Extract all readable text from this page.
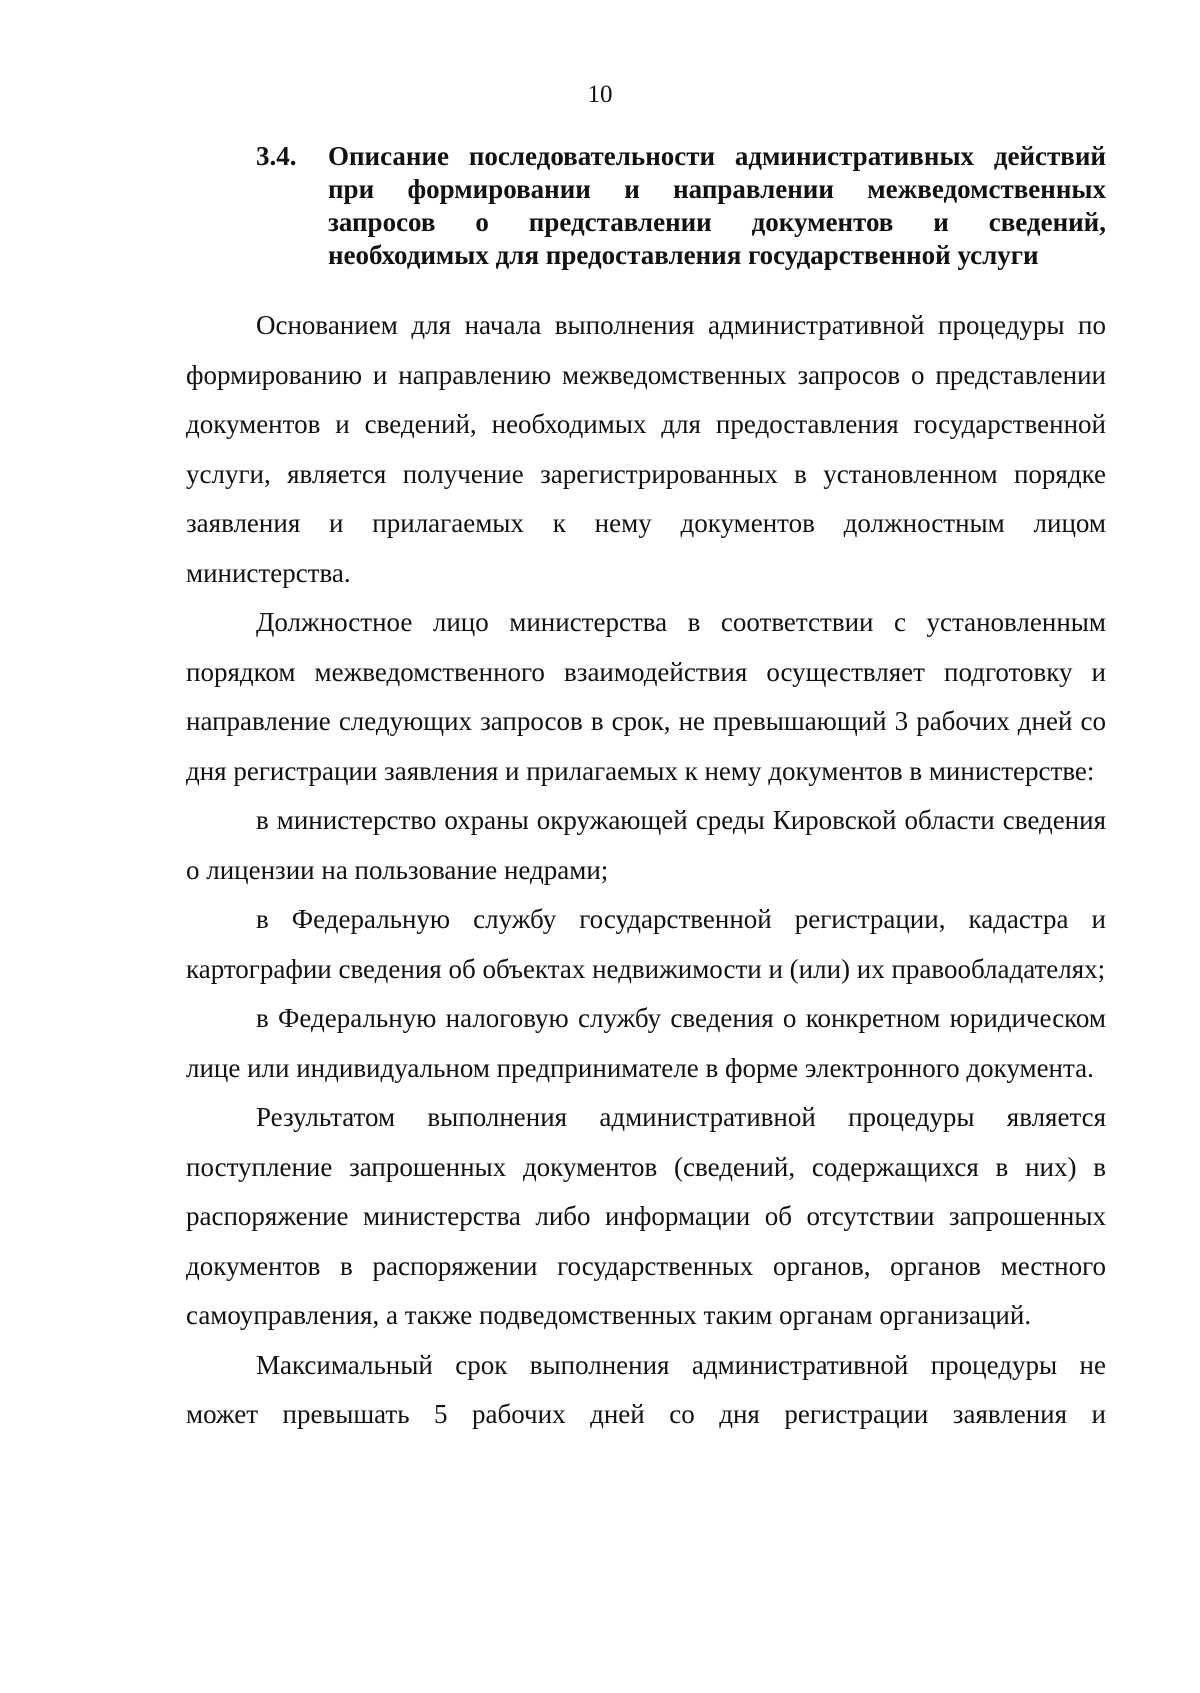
10
3.4. Описание последовательности административных действий при формировании и направлении межведомственных запросов о представлении документов и сведений, необходимых для предоставления государственной услуги

Основанием для начала выполнения административной процедуры по формированию и направлению межведомственных запросов о представлении документов и сведений, необходимых для предоставления государственной услуги, является получение зарегистрированных в установленном порядке заявления и прилагаемых к нему документов должностным лицом министерства.

Должностное лицо министерства в соответствии с установленным порядком межведомственного взаимодействия осуществляет подготовку и направление следующих запросов в срок, не превышающий 3 рабочих дней со дня регистрации заявления и прилагаемых к нему документов в министерстве:

в министерство охраны окружающей среды Кировской области сведения о лицензии на пользование недрами;

в Федеральную службу государственной регистрации, кадастра и картографии сведения об объектах недвижимости и (или) их правообладателях;

в Федеральную налоговую службу сведения о конкретном юридическом лице или индивидуальном предпринимателе в форме электронного документа.

Результатом выполнения административной процедуры является поступление запрошенных документов (сведений, содержащихся в них) в распоряжение министерства либо информации об отсутствии запрошенных документов в распоряжении государственных органов, органов местного самоуправления, а также подведомственных таким органам организаций.

Максимальный срок выполнения административной процедуры не может превышать 5 рабочих дней со дня регистрации заявления и
